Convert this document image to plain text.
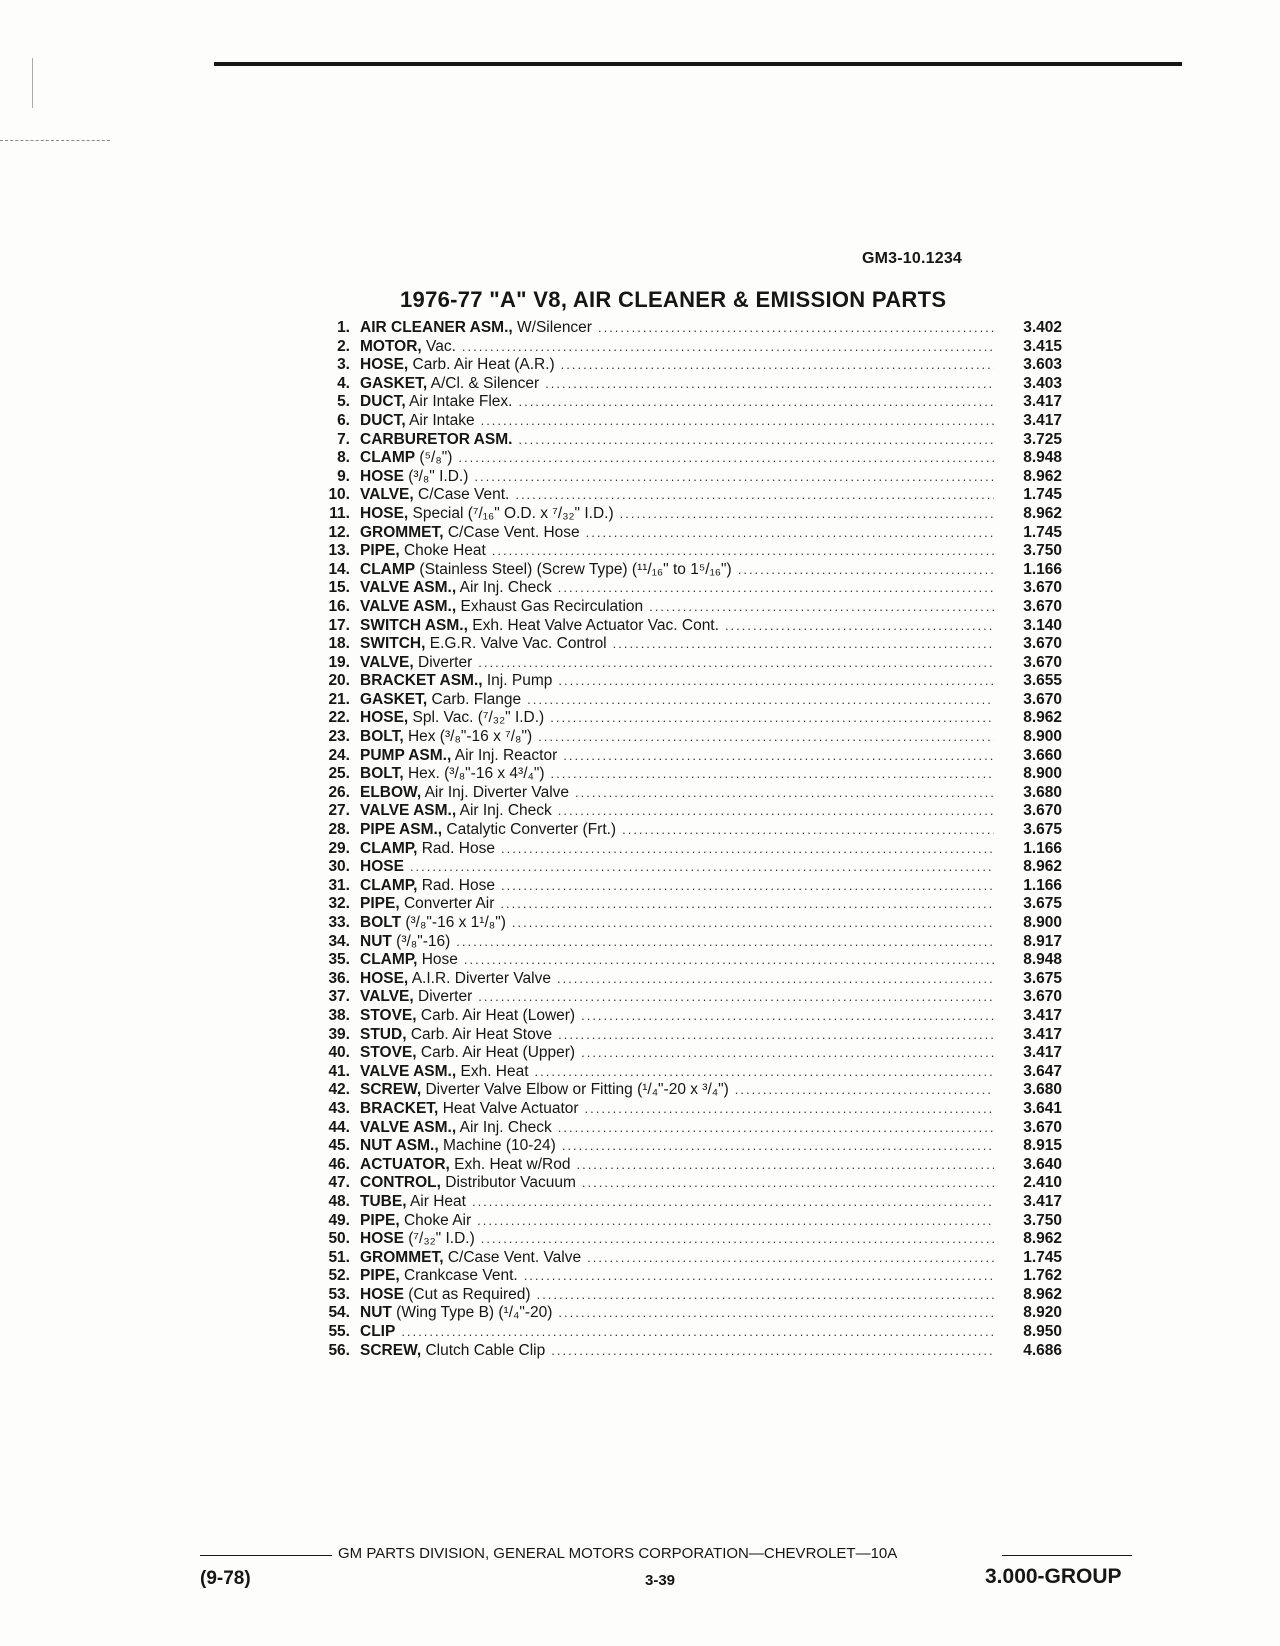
GM3-10.1234
1976-77 "A" V8, AIR CLEANER & EMISSION PARTS
1. AIR CLEANER ASM., W/Silencer .....	3.402
2. MOTOR, Vac. .....	3.415
3. HOSE, Carb. Air Heat (A.R.) .....	3.603
4. GASKET, A/Cl. & Silencer .....	3.403
5. DUCT, Air Intake Flex. .....	3.417
6. DUCT, Air Intake .....	3.417
7. CARBURETOR ASM. .....	3.725
8. CLAMP (⁵/₈") .....	8.948
9. HOSE (³/₈" I.D.) .....	8.962
10. VALVE, C/Case Vent. .....	1.745
11. HOSE, Special (⁷/₁₆" O.D. x ⁷/₃₂" I.D.) .....	8.962
12. GROMMET, C/Case Vent. Hose .....	1.745
13. PIPE, Choke Heat .....	3.750
14. CLAMP (Stainless Steel) (Screw Type) (¹¹/₁₆" to 1⁵/₁₆") .....	1.166
15. VALVE ASM., Air Inj. Check .....	3.670
16. VALVE ASM., Exhaust Gas Recirculation .....	3.670
17. SWITCH ASM., Exh. Heat Valve Actuator Vac. Cont. .....	3.140
18. SWITCH, E.G.R. Valve Vac. Control .....	3.670
19. VALVE, Diverter .....	3.670
20. BRACKET ASM., Inj. Pump .....	3.655
21. GASKET, Carb. Flange .....	3.670
22. HOSE, Spl. Vac. (⁷/₃₂" I.D.) .....	8.962
23. BOLT, Hex (³/₈"-16 x ⁷/₈") .....	8.900
24. PUMP ASM., Air Inj. Reactor .....	3.660
25. BOLT, Hex. (³/₈"-16 x 4³/₄") .....	8.900
26. ELBOW, Air Inj. Diverter Valve .....	3.680
27. VALVE ASM., Air Inj. Check .....	3.670
28. PIPE ASM., Catalytic Converter (Frt.) .....	3.675
29. CLAMP, Rad. Hose .....	1.166
30. HOSE .....	8.962
31. CLAMP, Rad. Hose .....	1.166
32. PIPE, Converter Air .....	3.675
33. BOLT (³/₈"-16 x 1¹/₈") .....	8.900
34. NUT (³/₈"-16) .....	8.917
35. CLAMP, Hose .....	8.948
36. HOSE, A.I.R. Diverter Valve .....	3.675
37. VALVE, Diverter .....	3.670
38. STOVE, Carb. Air Heat (Lower) .....	3.417
39. STUD, Carb. Air Heat Stove .....	3.417
40. STOVE, Carb. Air Heat (Upper) .....	3.417
41. VALVE ASM., Exh. Heat .....	3.647
42. SCREW, Diverter Valve Elbow or Fitting (¹/₄"-20 x ³/₄") .....	3.680
43. BRACKET, Heat Valve Actuator .....	3.641
44. VALVE ASM., Air Inj. Check .....	3.670
45. NUT ASM., Machine (10-24) .....	8.915
46. ACTUATOR, Exh. Heat w/Rod .....	3.640
47. CONTROL, Distributor Vacuum .....	2.410
48. TUBE, Air Heat .....	3.417
49. PIPE, Choke Air .....	3.750
50. HOSE (⁷/₃₂" I.D.) .....	8.962
51. GROMMET, C/Case Vent. Valve .....	1.745
52. PIPE, Crankcase Vent. .....	1.762
53. HOSE (Cut as Required) .....	8.962
54. NUT (Wing Type B) (¹/₄"-20) .....	8.920
55. CLIP .....	8.950
56. SCREW, Clutch Cable Clip .....	4.686
GM PARTS DIVISION, GENERAL MOTORS CORPORATION—CHEVROLET—10A
(9-78)	3-39	3.000-GROUP
